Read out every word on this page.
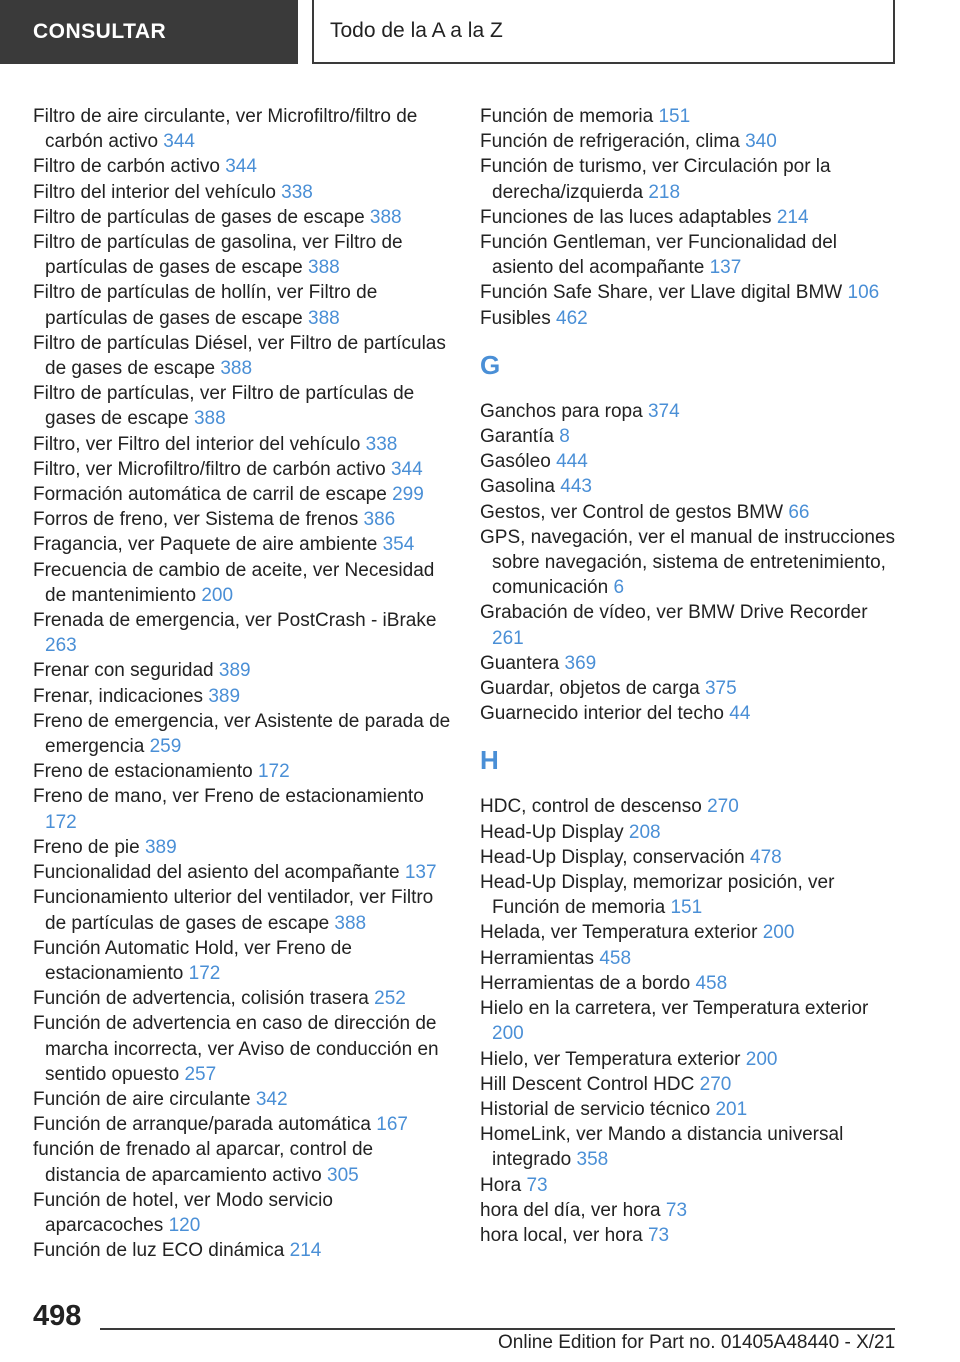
CONSULTAR	Todo de la A a la Z
Filtro de aire circulante, ver Microfiltro/filtro de carbón activo 344
Filtro de carbón activo 344
Filtro del interior del vehículo 338
Filtro de partículas de gases de escape 388
Filtro de partículas de gasolina, ver Filtro de partículas de gases de escape 388
Filtro de partículas de hollín, ver Filtro de partículas de gases de escape 388
Filtro de partículas Diésel, ver Filtro de partículas de gases de escape 388
Filtro de partículas, ver Filtro de partículas de gases de escape 388
Filtro, ver Filtro del interior del vehículo 338
Filtro, ver Microfiltro/filtro de carbón activo 344
Formación automática de carril de escape 299
Forros de freno, ver Sistema de frenos 386
Fragancia, ver Paquete de aire ambiente 354
Frecuencia de cambio de aceite, ver Necesidad de mantenimiento 200
Frenada de emergencia, ver PostCrash - iBrake 263
Frenar con seguridad 389
Frenar, indicaciones 389
Freno de emergencia, ver Asistente de parada de emergencia 259
Freno de estacionamiento 172
Freno de mano, ver Freno de estacionamiento 172
Freno de pie 389
Funcionalidad del asiento del acompañante 137
Funcionamiento ulterior del ventilador, ver Filtro de partículas de gases de escape 388
Función Automatic Hold, ver Freno de estacionamiento 172
Función de advertencia, colisión trasera 252
Función de advertencia en caso de dirección de marcha incorrecta, ver Aviso de conducción en sentido opuesto 257
Función de aire circulante 342
Función de arranque/parada automática 167
función de frenado al aparcar, control de distancia de aparcamiento activo 305
Función de hotel, ver Modo servicio aparcacoches 120
Función de luz ECO dinámica 214
Función de memoria 151
Función de refrigeración, clima 340
Función de turismo, ver Circulación por la derecha/izquierda 218
Funciones de las luces adaptables 214
Función Gentleman, ver Funcionalidad del asiento del acompañante 137
Función Safe Share, ver Llave digital BMW 106
Fusibles 462
G
Ganchos para ropa 374
Garantía 8
Gasóleo 444
Gasolina 443
Gestos, ver Control de gestos BMW 66
GPS, navegación, ver el manual de instrucciones sobre navegación, sistema de entretenimiento, comunicación 6
Grabación de vídeo, ver BMW Drive Recorder 261
Guantera 369
Guardar, objetos de carga 375
Guarnecido interior del techo 44
H
HDC, control de descenso 270
Head-Up Display 208
Head-Up Display, conservación 478
Head-Up Display, memorizar posición, ver Función de memoria 151
Helada, ver Temperatura exterior 200
Herramientas 458
Herramientas de a bordo 458
Hielo en la carretera, ver Temperatura exterior 200
Hielo, ver Temperatura exterior 200
Hill Descent Control HDC 270
Historial de servicio técnico 201
HomeLink, ver Mando a distancia universal integrado 358
Hora 73
hora del día, ver hora 73
hora local, ver hora 73
498
Online Edition for Part no. 01405A48440 - X/21
